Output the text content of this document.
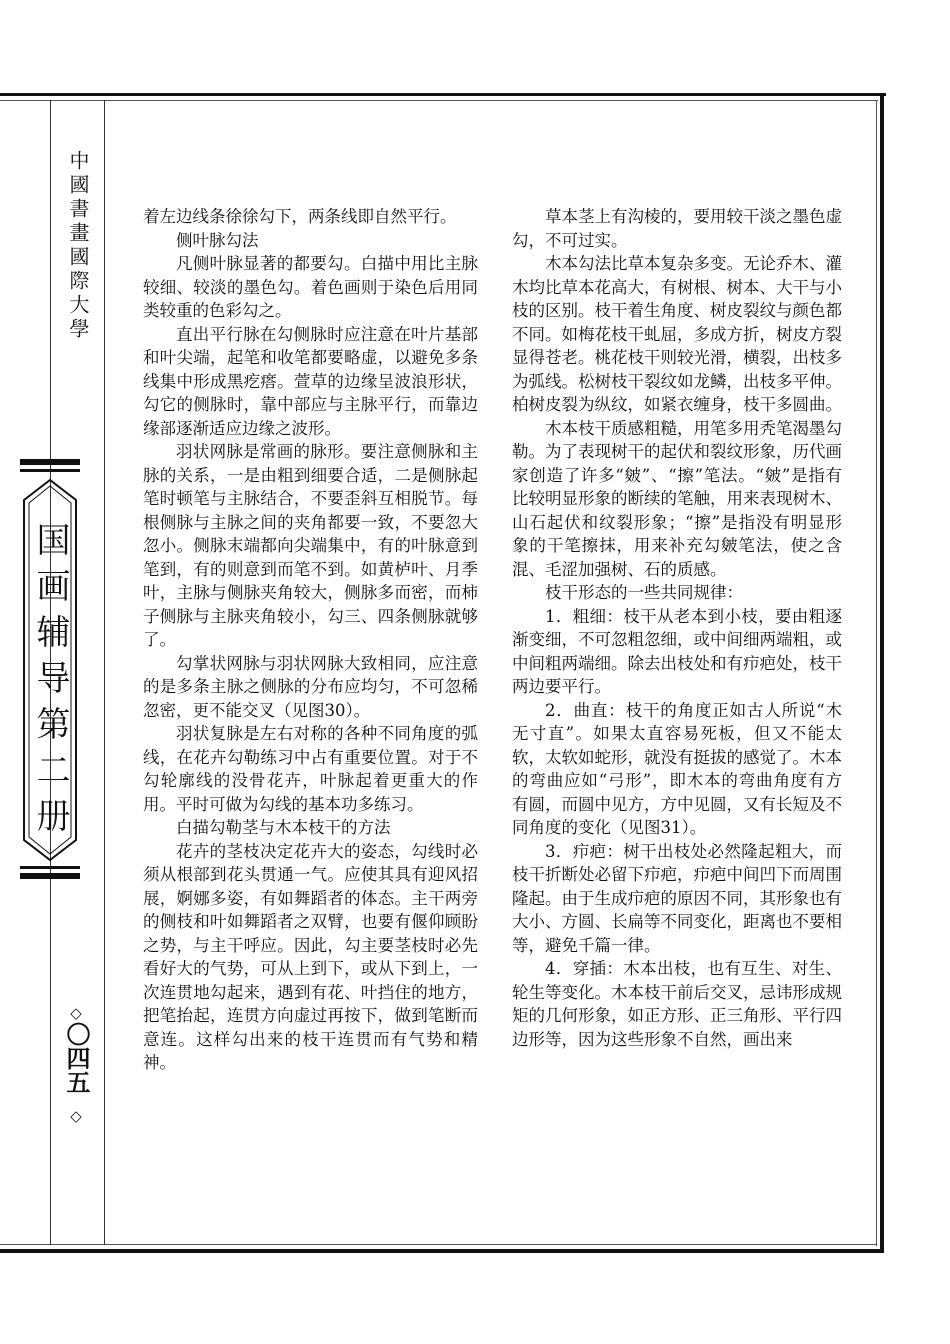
中國書畫國際大學
国画辅导第二册
◇
〇四五
◇

着左边线条徐徐勾下，两条线即自然平行。

侧叶脉勾法

凡侧叶脉显著的都要勾。白描中用比主脉较细、较淡的墨色勾。着色画则于染色后用同类较重的色彩勾之。

直出平行脉在勾侧脉时应注意在叶片基部和叶尖端，起笔和收笔都要略虚，以避免多条线集中形成黑疙瘩。萱草的边缘呈波浪形状，勾它的侧脉时，靠中部应与主脉平行，而靠边缘部逐渐适应边缘之波形。

羽状网脉是常画的脉形。要注意侧脉和主脉的关系，一是由粗到细要合适，二是侧脉起笔时顿笔与主脉结合，不要歪斜互相脱节。每根侧脉与主脉之间的夹角都要一致，不要忽大忽小。侧脉末端都向尖端集中，有的叶脉意到笔到，有的则意到而笔不到。如黄栌叶、月季叶，主脉与侧脉夹角较大，侧脉多而密，而柿子侧脉与主脉夹角较小，勾三、四条侧脉就够了。

勾掌状网脉与羽状网脉大致相同，应注意的是多条主脉之侧脉的分布应均匀，不可忽稀忽密，更不能交叉（见图30）。

羽状复脉是左右对称的各种不同角度的弧线，在花卉勾勒练习中占有重要位置。对于不勾轮廓线的没骨花卉，叶脉起着更重大的作用。平时可做为勾线的基本功多练习。

白描勾勒茎与木本枝干的方法

花卉的茎枝决定花卉大的姿态，勾线时必须从根部到花头贯通一气。应使其具有迎风招展，婀娜多姿，有如舞蹈者的体态。主干两旁的侧枝和叶如舞蹈者之双臂，也要有偃仰顾盼之势，与主干呼应。因此，勾主要茎枝时必先看好大的气势，可从上到下，或从下到上，一次连贯地勾起来，遇到有花、叶挡住的地方，把笔抬起，连贯方向虚过再按下，做到笔断而意连。这样勾出来的枝干连贯而有气势和精神。

草本茎上有沟棱的，要用较干淡之墨色虚勾，不可过实。

木本勾法比草本复杂多变。无论乔木、灌木均比草本花高大，有树根、树本、大干与小枝的区别。枝干着生角度、树皮裂纹与颜色都不同。如梅花枝干虬屈，多成方折，树皮方裂显得苍老。桃花枝干则较光滑，横裂，出枝多为弧线。松树枝干裂纹如龙鳞，出枝多平伸。柏树皮裂为纵纹，如紧衣缠身，枝干多圆曲。

木本枝干质感粗糙，用笔多用秃笔渴墨勾勒。为了表现树干的起伏和裂纹形象，历代画家创造了许多“皴”、“擦”笔法。“皴”是指有比较明显形象的断续的笔触，用来表现树木、山石起伏和纹裂形象；“擦”是指没有明显形象的干笔擦抹，用来补充勾皴笔法，使之含混、毛涩加强树、石的质感。

枝干形态的一些共同规律：

1．粗细：枝干从老本到小枝，要由粗逐渐变细，不可忽粗忽细，或中间细两端粗，或中间粗两端细。除去出枝处和有疖疤处，枝干两边要平行。

2．曲直：枝干的角度正如古人所说“木无寸直”。如果太直容易死板，但又不能太软，太软如蛇形，就没有挺拔的感觉了。木本的弯曲应如“弓形”，即木本的弯曲角度有方有圆，而圆中见方，方中见圆，又有长短及不同角度的变化（见图31）。

3．疖疤：树干出枝处必然隆起粗大，而枝干折断处必留下疖疤，疖疤中间凹下而周围隆起。由于生成疖疤的原因不同，其形象也有大小、方圆、长扁等不同变化，距离也不要相等，避免千篇一律。

4．穿插：木本出枝，也有互生、对生、轮生等变化。木本枝干前后交叉，忌讳形成规矩的几何形象，如正方形、正三角形、平行四边形等，因为这些形象不自然，画出来
